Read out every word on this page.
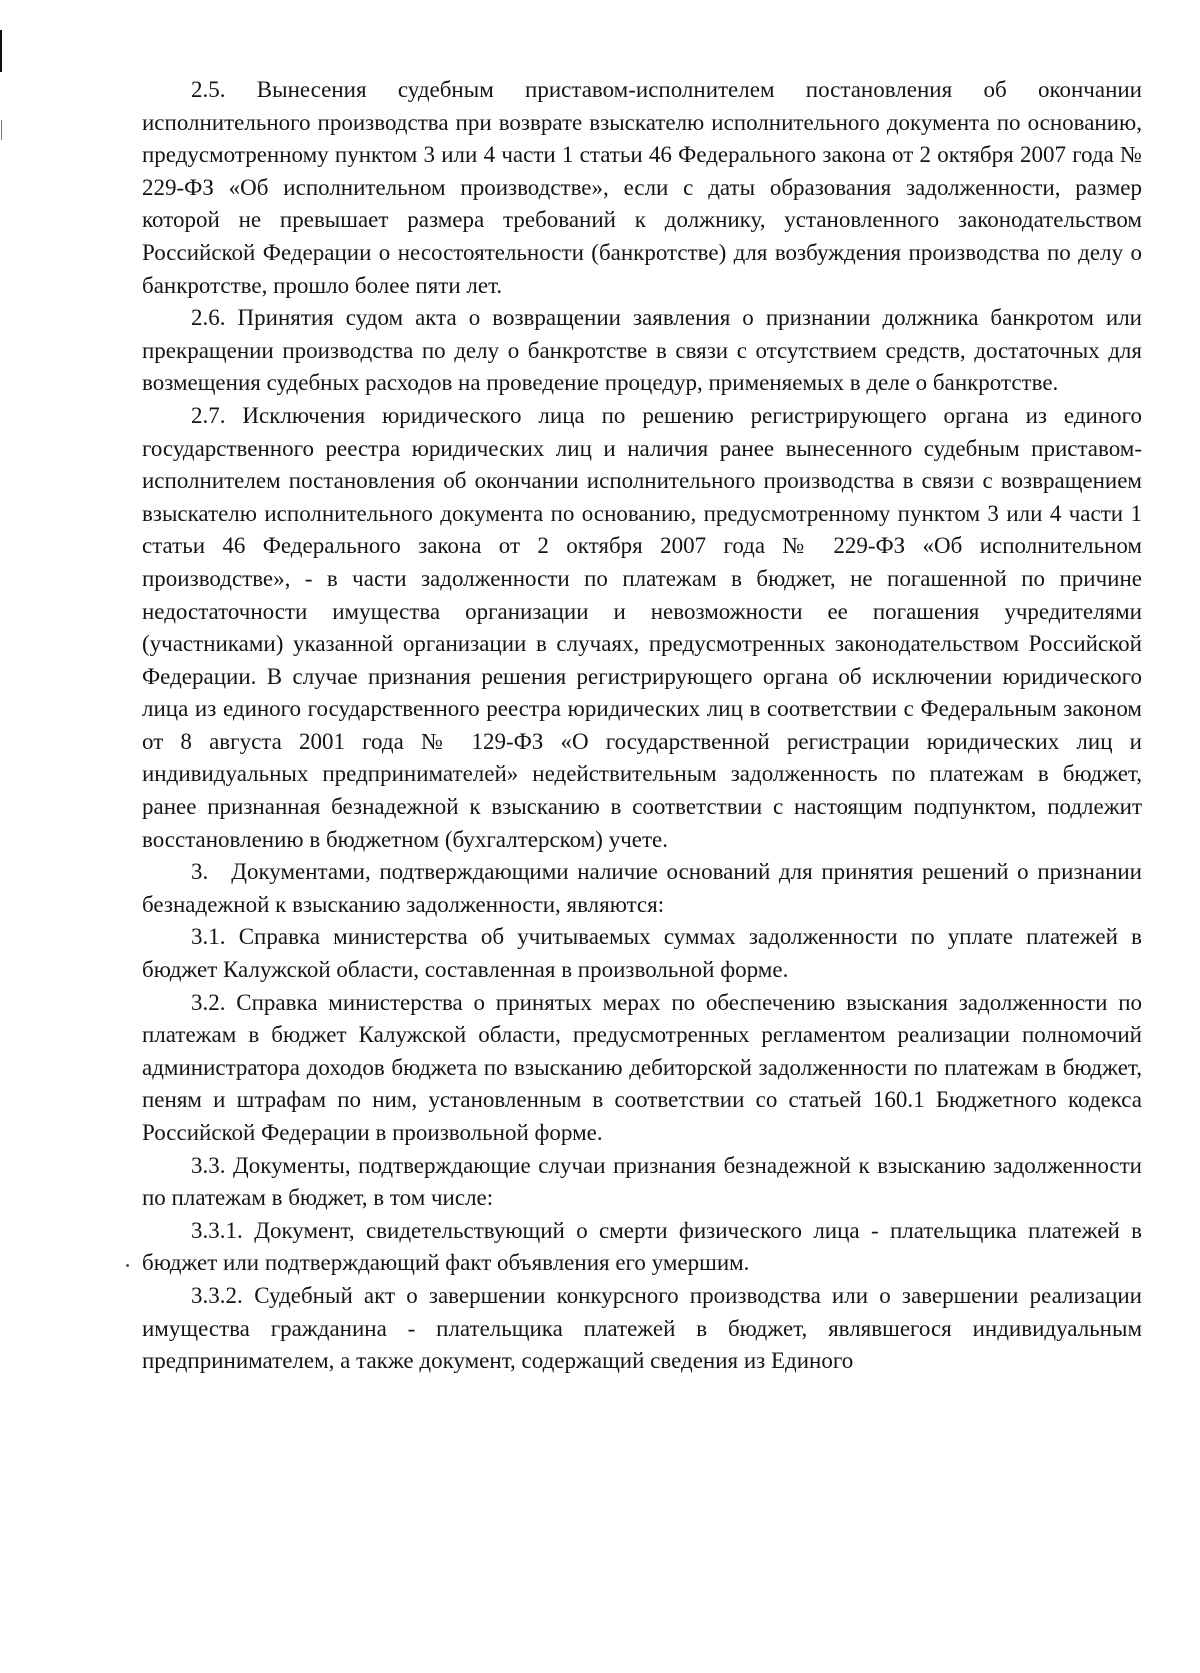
2.5. Вынесения судебным приставом-исполнителем постановления об окончании исполнительного производства при возврате взыскателю исполнительного документа по основанию, предусмотренному пунктом 3 или 4 части 1 статьи 46 Федерального закона от 2 октября 2007 года № 229-ФЗ «Об исполнительном производстве», если с даты образования задолженности, размер которой не превышает размера требований к должнику, установленного законодательством Российской Федерации о несостоятельности (банкротстве) для возбуждения производства по делу о банкротстве, прошло более пяти лет.

2.6. Принятия судом акта о возвращении заявления о признании должника банкротом или прекращении производства по делу о банкротстве в связи с отсутствием средств, достаточных для возмещения судебных расходов на проведение процедур, применяемых в деле о банкротстве.

2.7. Исключения юридического лица по решению регистрирующего органа из единого государственного реестра юридических лиц и наличия ранее вынесенного судебным приставом-исполнителем постановления об окончании исполнительного производства в связи с возвращением взыскателю исполнительного документа по основанию, предусмотренному пунктом 3 или 4 части 1 статьи 46 Федерального закона от 2 октября 2007 года № 229-ФЗ «Об исполнительном производстве», - в части задолженности по платежам в бюджет, не погашенной по причине недостаточности имущества организации и невозможности ее погашения учредителями (участниками) указанной организации в случаях, предусмотренных законодательством Российской Федерации. В случае признания решения регистрирующего органа об исключении юридического лица из единого государственного реестра юридических лиц в соответствии с Федеральным законом от 8 августа 2001 года № 129-ФЗ «О государственной регистрации юридических лиц и индивидуальных предпринимателей» недействительным задолженность по платежам в бюджет, ранее признанная безнадежной к взысканию в соответствии с настоящим подпунктом, подлежит восстановлению в бюджетном (бухгалтерском) учете.

3. Документами, подтверждающими наличие оснований для принятия решений о признании безнадежной к взысканию задолженности, являются:

3.1. Справка министерства об учитываемых суммах задолженности по уплате платежей в бюджет Калужской области, составленная в произвольной форме.

3.2. Справка министерства о принятых мерах по обеспечению взыскания задолженности по платежам в бюджет Калужской области, предусмотренных регламентом реализации полномочий администратора доходов бюджета по взысканию дебиторской задолженности по платежам в бюджет, пеням и штрафам по ним, установленным в соответствии со статьей 160.1 Бюджетного кодекса Российской Федерации в произвольной форме.

3.3. Документы, подтверждающие случаи признания безнадежной к взысканию задолженности по платежам в бюджет, в том числе:

3.3.1. Документ, свидетельствующий о смерти физического лица - плательщика платежей в бюджет или подтверждающий факт объявления его умершим.

3.3.2. Судебный акт о завершении конкурсного производства или о завершении реализации имущества гражданина - плательщика платежей в бюджет, являвшегося индивидуальным предпринимателем, а также документ, содержащий сведения из Единого
